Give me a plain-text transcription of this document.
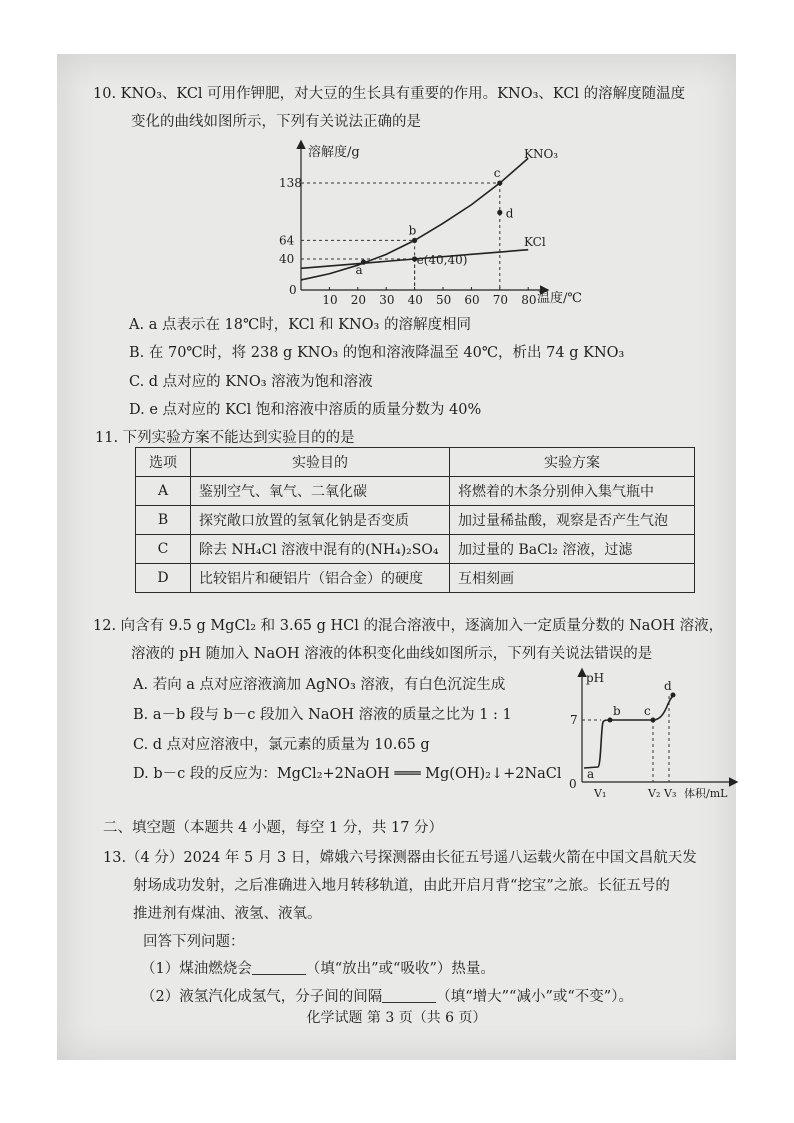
10. KNO₃、KCl 可用作钾肥，对大豆的生长具有重要的作用。KNO₃、KCl 的溶解度随温度
变化的曲线如图所示，下列有关说法正确的是
10 20 30 40 50 60 70 80
40
64
138
a
b
c
d
e(40,40)
溶解度/g
温度/℃
0
KNO₃
KCl
A. a 点表示在 18℃时，KCl 和 KNO₃ 的溶解度相同
B. 在 70℃时，将 238 g KNO₃ 的饱和溶液降温至 40℃，析出 74 g KNO₃
C. d 点对应的 KNO₃ 溶液为饱和溶液
D. e 点对应的 KCl 饱和溶液中溶质的质量分数为 40%
11. 下列实验方案不能达到实验目的的是
选项	实验目的	实验方案
A	鉴别空气、氧气、二氧化碳	将燃着的木条分别伸入集气瓶中
B	探究敞口放置的氢氧化钠是否变质	加过量稀盐酸，观察是否产生气泡
C	除去 NH₄Cl 溶液中混有的(NH₄)₂SO₄	加过量的 BaCl₂ 溶液，过滤
D	比较铝片和硬铝片（铝合金）的硬度	互相刻画
12. 向含有 9.5 g MgCl₂ 和 3.65 g HCl 的混合溶液中，逐滴加入一定质量分数的 NaOH 溶液，
溶液的 pH 随加入 NaOH 溶液的体积变化曲线如图所示，下列有关说法错误的是
A. 若向 a 点对应溶液滴加 AgNO₃ 溶液，有白色沉淀生成
B. a－b 段与 b－c 段加入 NaOH 溶液的质量之比为 1 : 1
C. d 点对应溶液中，氯元素的质量为 10.65 g
D. b－c 段的反应为：MgCl₂+2NaOH ═══ Mg(OH)₂↓+2NaCl
pH
7
0
a
b c
d
V₁	V₂ V₃ 体积/mL
二、填空题（本题共 4 小题，每空 1 分，共 17 分）
13.（4 分）2024 年 5 月 3 日，嫦娥六号探测器由长征五号遥八运载火箭在中国文昌航天发
射场成功发射，之后准确进入地月转移轨道，由此开启月背“挖宝”之旅。长征五号的
推进剂有煤油、液氢、液氧。
回答下列问题：
（1）煤油燃烧会	（填“放出”或“吸收”）热量。
（2）液氢汽化成氢气，分子间的间隔	（填“增大”“减小”或“不变”）。
化学试题 第 3 页（共 6 页）
